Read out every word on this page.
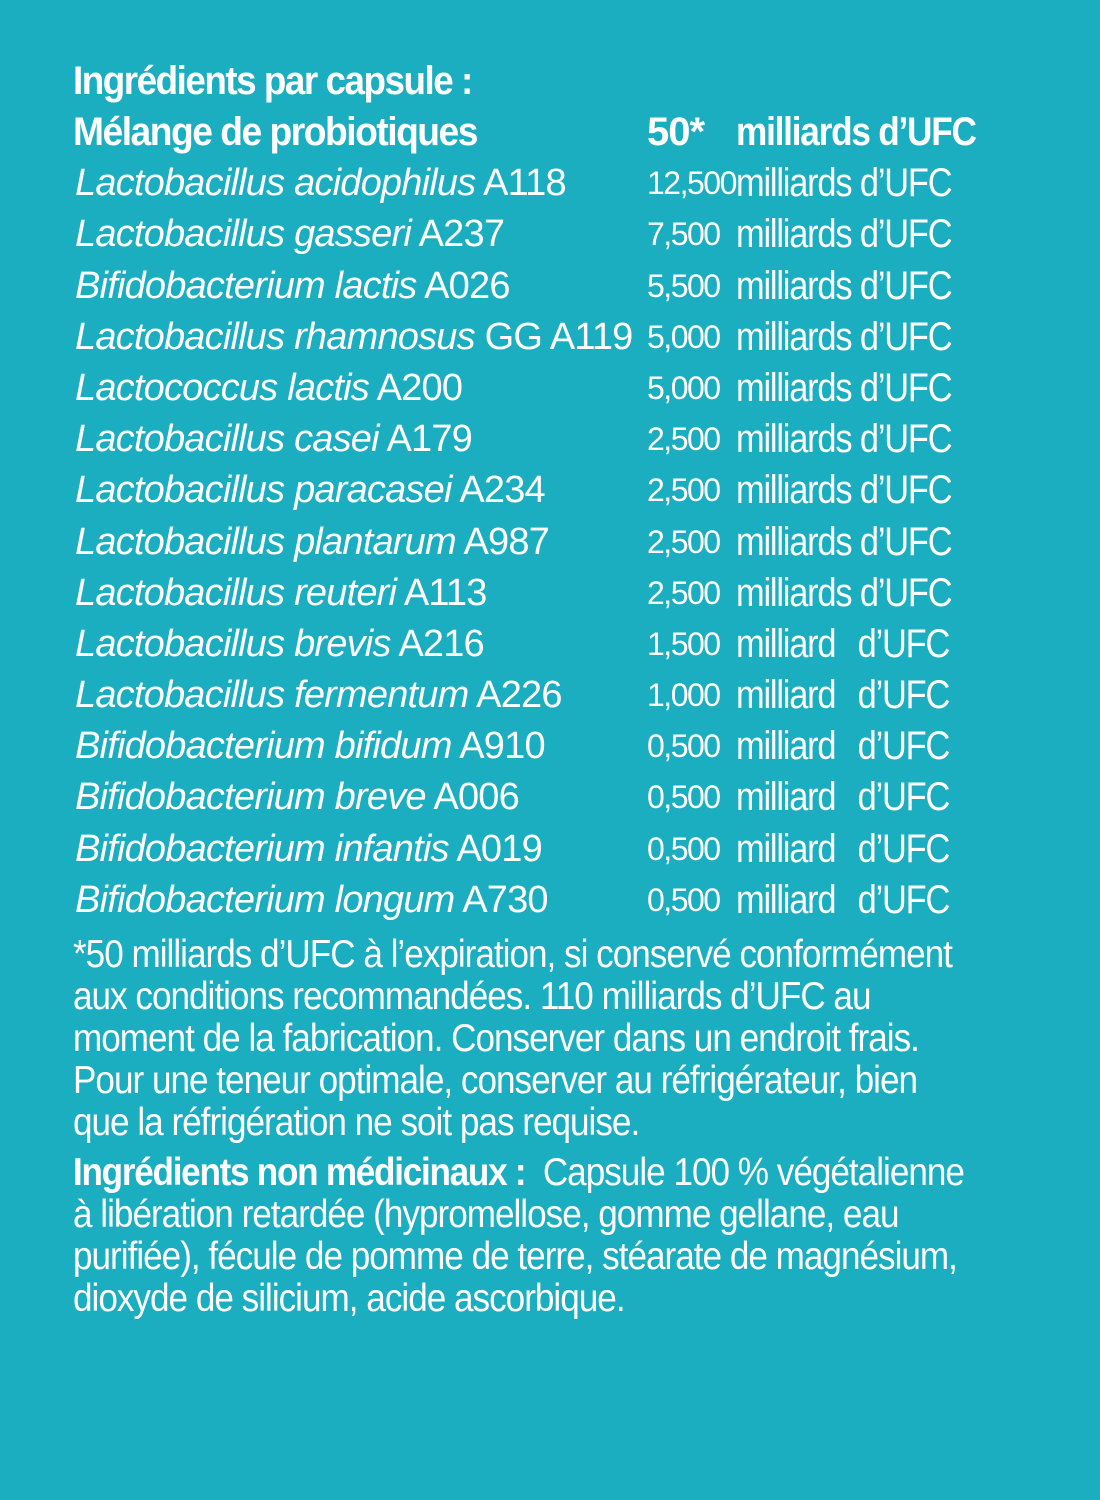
Ingrédients par capsule :
Mélange de probiotiques	50* milliards d’UFC
Lactobacillus acidophilus A118	12,500 milliards d’UFC
Lactobacillus gasseri A237	7,500 milliards d’UFC
Bifidobacterium lactis A026	5,500 milliards d’UFC
Lactobacillus rhamnosus GG A119 5,000 milliards d’UFC
Lactococcus lactis A200	5,000 milliards d’UFC
Lactobacillus casei A179	2,500 milliards d’UFC
Lactobacillus paracasei A234	2,500 milliards d’UFC
Lactobacillus plantarum A987	2,500 milliards d’UFC
Lactobacillus reuteri A113	2,500 milliards d’UFC
Lactobacillus brevis A216	1,500 milliard d’UFC
Lactobacillus fermentum A226	1,000 milliard d’UFC
Bifidobacterium bifidum A910	0,500 milliard d’UFC
Bifidobacterium breve A006	0,500 milliard d’UFC
Bifidobacterium infantis A019	0,500 milliard d’UFC
Bifidobacterium longum A730	0,500 milliard d’UFC
*50 milliards d’UFC à l’expiration, si conservé conformément
aux conditions recommandées. 110 milliards d’UFC au
moment de la fabrication. Conserver dans un endroit frais.
Pour une teneur optimale, conserver au réfrigérateur, bien
que la réfrigération ne soit pas requise.
Ingrédients non médicinaux : Capsule 100 % végétalienne
à libération retardée (hypromellose, gomme gellane, eau
purifiée), fécule de pomme de terre, stéarate de magnésium,
dioxyde de silicium, acide ascorbique.
